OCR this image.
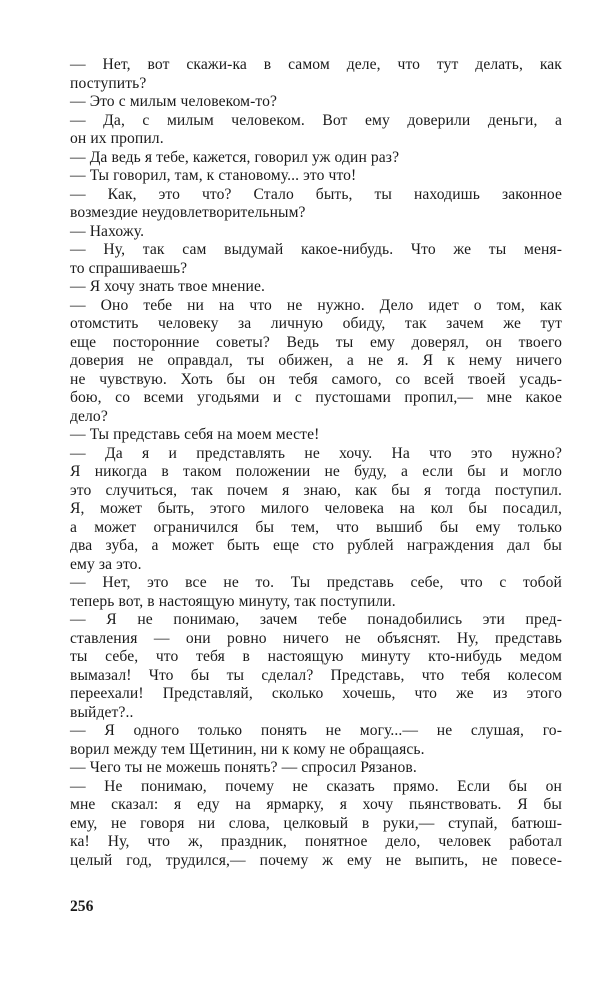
— Нет, вот скажи-ка в самом деле, что тут делать, как
поступить?
— Это с милым человеком-то?
— Да, с милым человеком. Вот ему доверили деньги, а
он их пропил.
— Да ведь я тебе, кажется, говорил уж один раз?
— Ты говорил, там, к становому... это что!
— Как, это что? Стало быть, ты находишь законное
возмездие неудовлетворительным?
— Нахожу.
— Ну, так сам выдумай какое-нибудь. Что же ты меня-
то спрашиваешь?
— Я хочу знать твое мнение.
— Оно тебе ни на что не нужно. Дело идет о том, как
отомстить человеку за личную обиду, так зачем же тут
еще посторонние советы? Ведь ты ему доверял, он твоего
доверия не оправдал, ты обижен, а не я. Я к нему ничего
не чувствую. Хоть бы он тебя самого, со всей твоей усадь-
бою, со всеми угодьями и с пустошами пропил,— мне какое
дело?
— Ты представь себя на моем месте!
— Да я и представлять не хочу. На что это нужно?
Я никогда в таком положении не буду, а если бы и могло
это случиться, так почем я знаю, как бы я тогда поступил.
Я, может быть, этого милого человека на кол бы посадил,
а может ограничился бы тем, что вышиб бы ему только
два зуба, а может быть еще сто рублей награждения дал бы
ему за это.
— Нет, это все не то. Ты представь себе, что с тобой
теперь вот, в настоящую минуту, так поступили.
— Я не понимаю, зачем тебе понадобились эти пред-
ставления — они ровно ничего не объяснят. Ну, представь
ты себе, что тебя в настоящую минуту кто-нибудь медом
вымазал! Что бы ты сделал? Представь, что тебя колесом
переехали! Представляй, сколько хочешь, что же из этого
выйдет?..
— Я одного только понять не могу...— не слушая, го-
ворил между тем Щетинин, ни к кому не обращаясь.
— Чего ты не можешь понять? — спросил Рязанов.
— Не понимаю, почему не сказать прямо. Если бы он
мне сказал: я еду на ярмарку, я хочу пьянствовать. Я бы
ему, не говоря ни слова, целковый в руки,— ступай, батюш-
ка! Ну, что ж, праздник, понятное дело, человек работал
целый год, трудился,— почему ж ему не выпить, не повесе-
256
